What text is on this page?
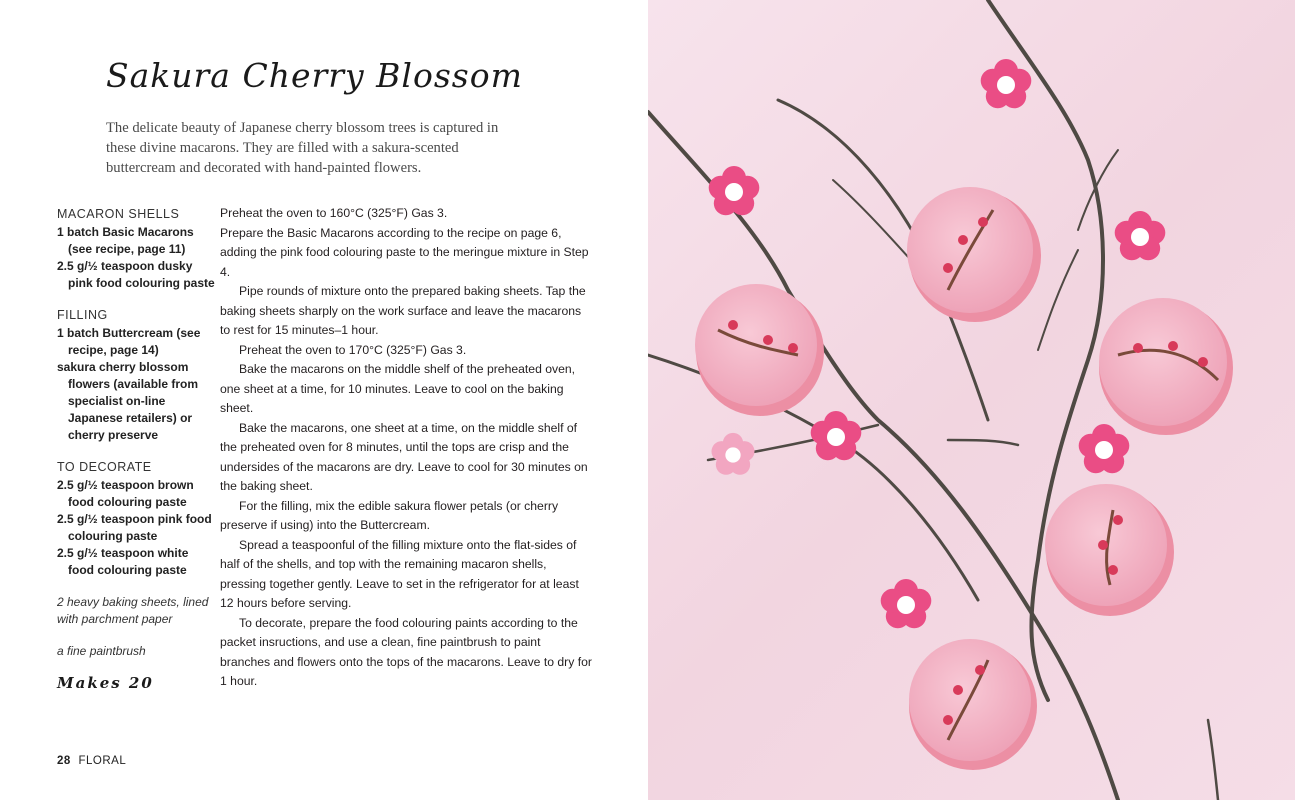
Sakura Cherry Blossom

The delicate beauty of Japanese cherry blossom trees is captured in these divine macarons. They are filled with a sakura-scented buttercream and decorated with hand-painted flowers.

MACARON SHELLS

1 batch Basic Macarons (see recipe, page 11)

2.5 g/½ teaspoon dusky pink food colouring paste

FILLING

1 batch Buttercream (see recipe, page 14)

sakura cherry blossom flowers (available from specialist on-line Japanese retailers) or cherry preserve

TO DECORATE

2.5 g/½ teaspoon brown food colouring paste

2.5 g/½ teaspoon pink food colouring paste

2.5 g/½ teaspoon white food colouring paste

2 heavy baking sheets, lined with parchment paper

a fine paintbrush

Makes 20

Preheat the oven to 160°C (325°F) Gas 3.

Prepare the Basic Macarons according to the recipe on page 6, adding the pink food colouring paste to the meringue mixture in Step 4.

Pipe rounds of mixture onto the prepared baking sheets. Tap the baking sheets sharply on the work surface and leave the macarons to rest for 15 minutes–1 hour.

Preheat the oven to 170°C (325°F) Gas 3.

Bake the macarons on the middle shelf of the preheated oven, one sheet at a time, for 10 minutes. Leave to cool on the baking sheet.

Bake the macarons, one sheet at a time, on the middle shelf of the preheated oven for 8 minutes, until the tops are crisp and the undersides of the macarons are dry. Leave to cool for 30 minutes on the baking sheet.

For the filling, mix the edible sakura flower petals (or cherry preserve if using) into the Buttercream.

Spread a teaspoonful of the filling mixture onto the flat-sides of half of the shells, and top with the remaining macaron shells, pressing together gently. Leave to set in the refrigerator for at least 12 hours before serving.

To decorate, prepare the food colouring paints according to the packet insructions, and use a clean, fine paintbrush to paint branches and flowers onto the tops of the macarons. Leave to dry for 1 hour.

28 FLORAL
